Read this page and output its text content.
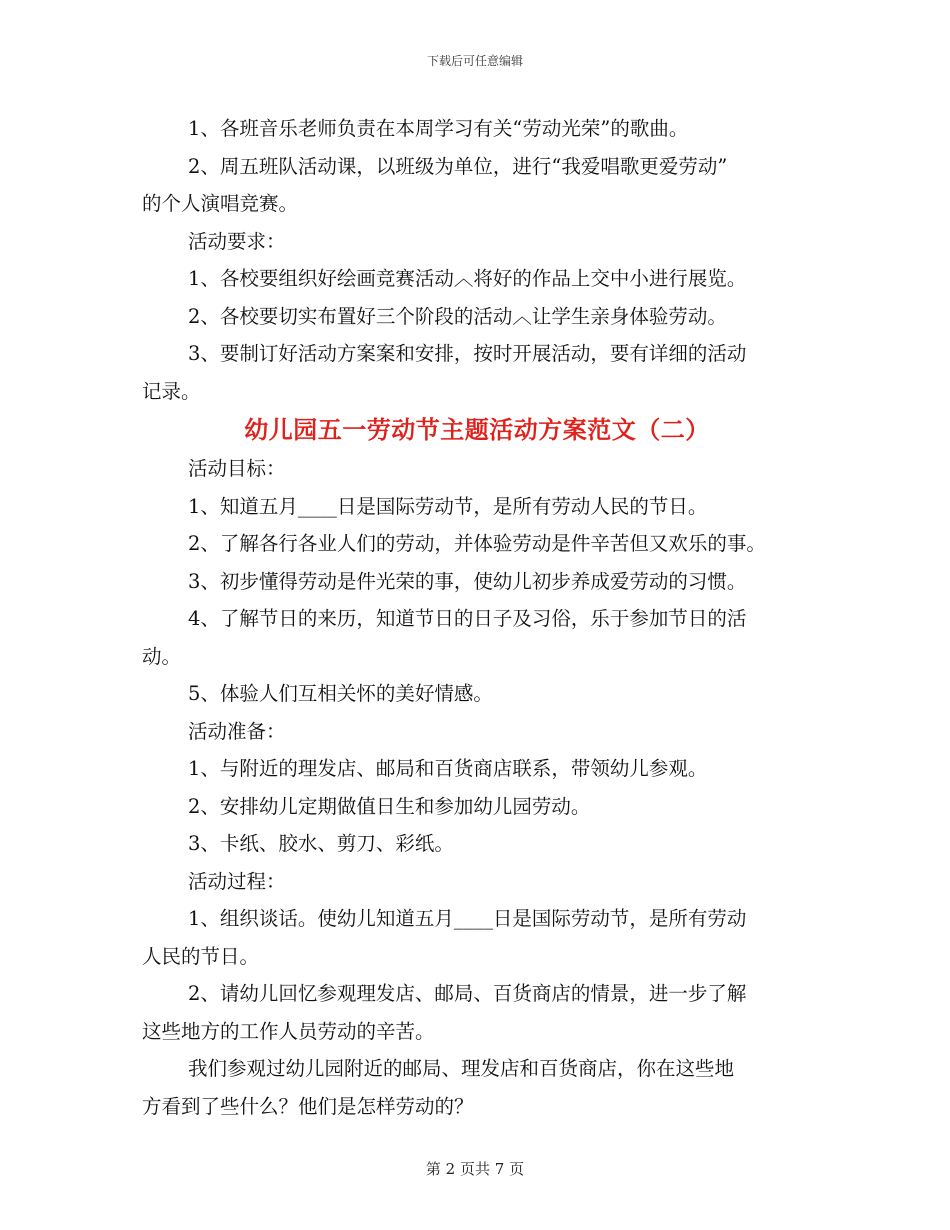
下载后可任意编辑

1、各班音乐老师负责在本周学习有关“劳动光荣”的歌曲。

2、周五班队活动课，以班级为单位，进行“我爱唱歌更爱劳动”

的个人演唱竞赛。

活动要求：

1、各校要组织好绘画竞赛活动︿将好的作品上交中小进行展览。

2、各校要切实布置好三个阶段的活动︿让学生亲身体验劳动。

3、要制订好活动方案案和安排，按时开展活动，要有详细的活动

记录。

幼儿园五一劳动节主题活动方案范文（二）

活动目标：

1、知道五月____日是国际劳动节，是所有劳动人民的节日。

2、了解各行各业人们的劳动，并体验劳动是件辛苦但又欢乐的事。

3、初步懂得劳动是件光荣的事，使幼儿初步养成爱劳动的习惯。

4、了解节日的来历，知道节日的日子及习俗，乐于参加节日的活

动。

5、体验人们互相关怀的美好情感。

活动准备：

1、与附近的理发店、邮局和百货商店联系，带领幼儿参观。

2、安排幼儿定期做值日生和参加幼儿园劳动。

3、卡纸、胶水、剪刀、彩纸。

活动过程：

1、组织谈话。使幼儿知道五月____日是国际劳动节，是所有劳动

人民的节日。

2、请幼儿回忆参观理发店、邮局、百货商店的情景，进一步了解

这些地方的工作人员劳动的辛苦。

我们参观过幼儿园附近的邮局、理发店和百货商店，你在这些地

方看到了些什么？他们是怎样劳动的？

第 2 页共 7 页
